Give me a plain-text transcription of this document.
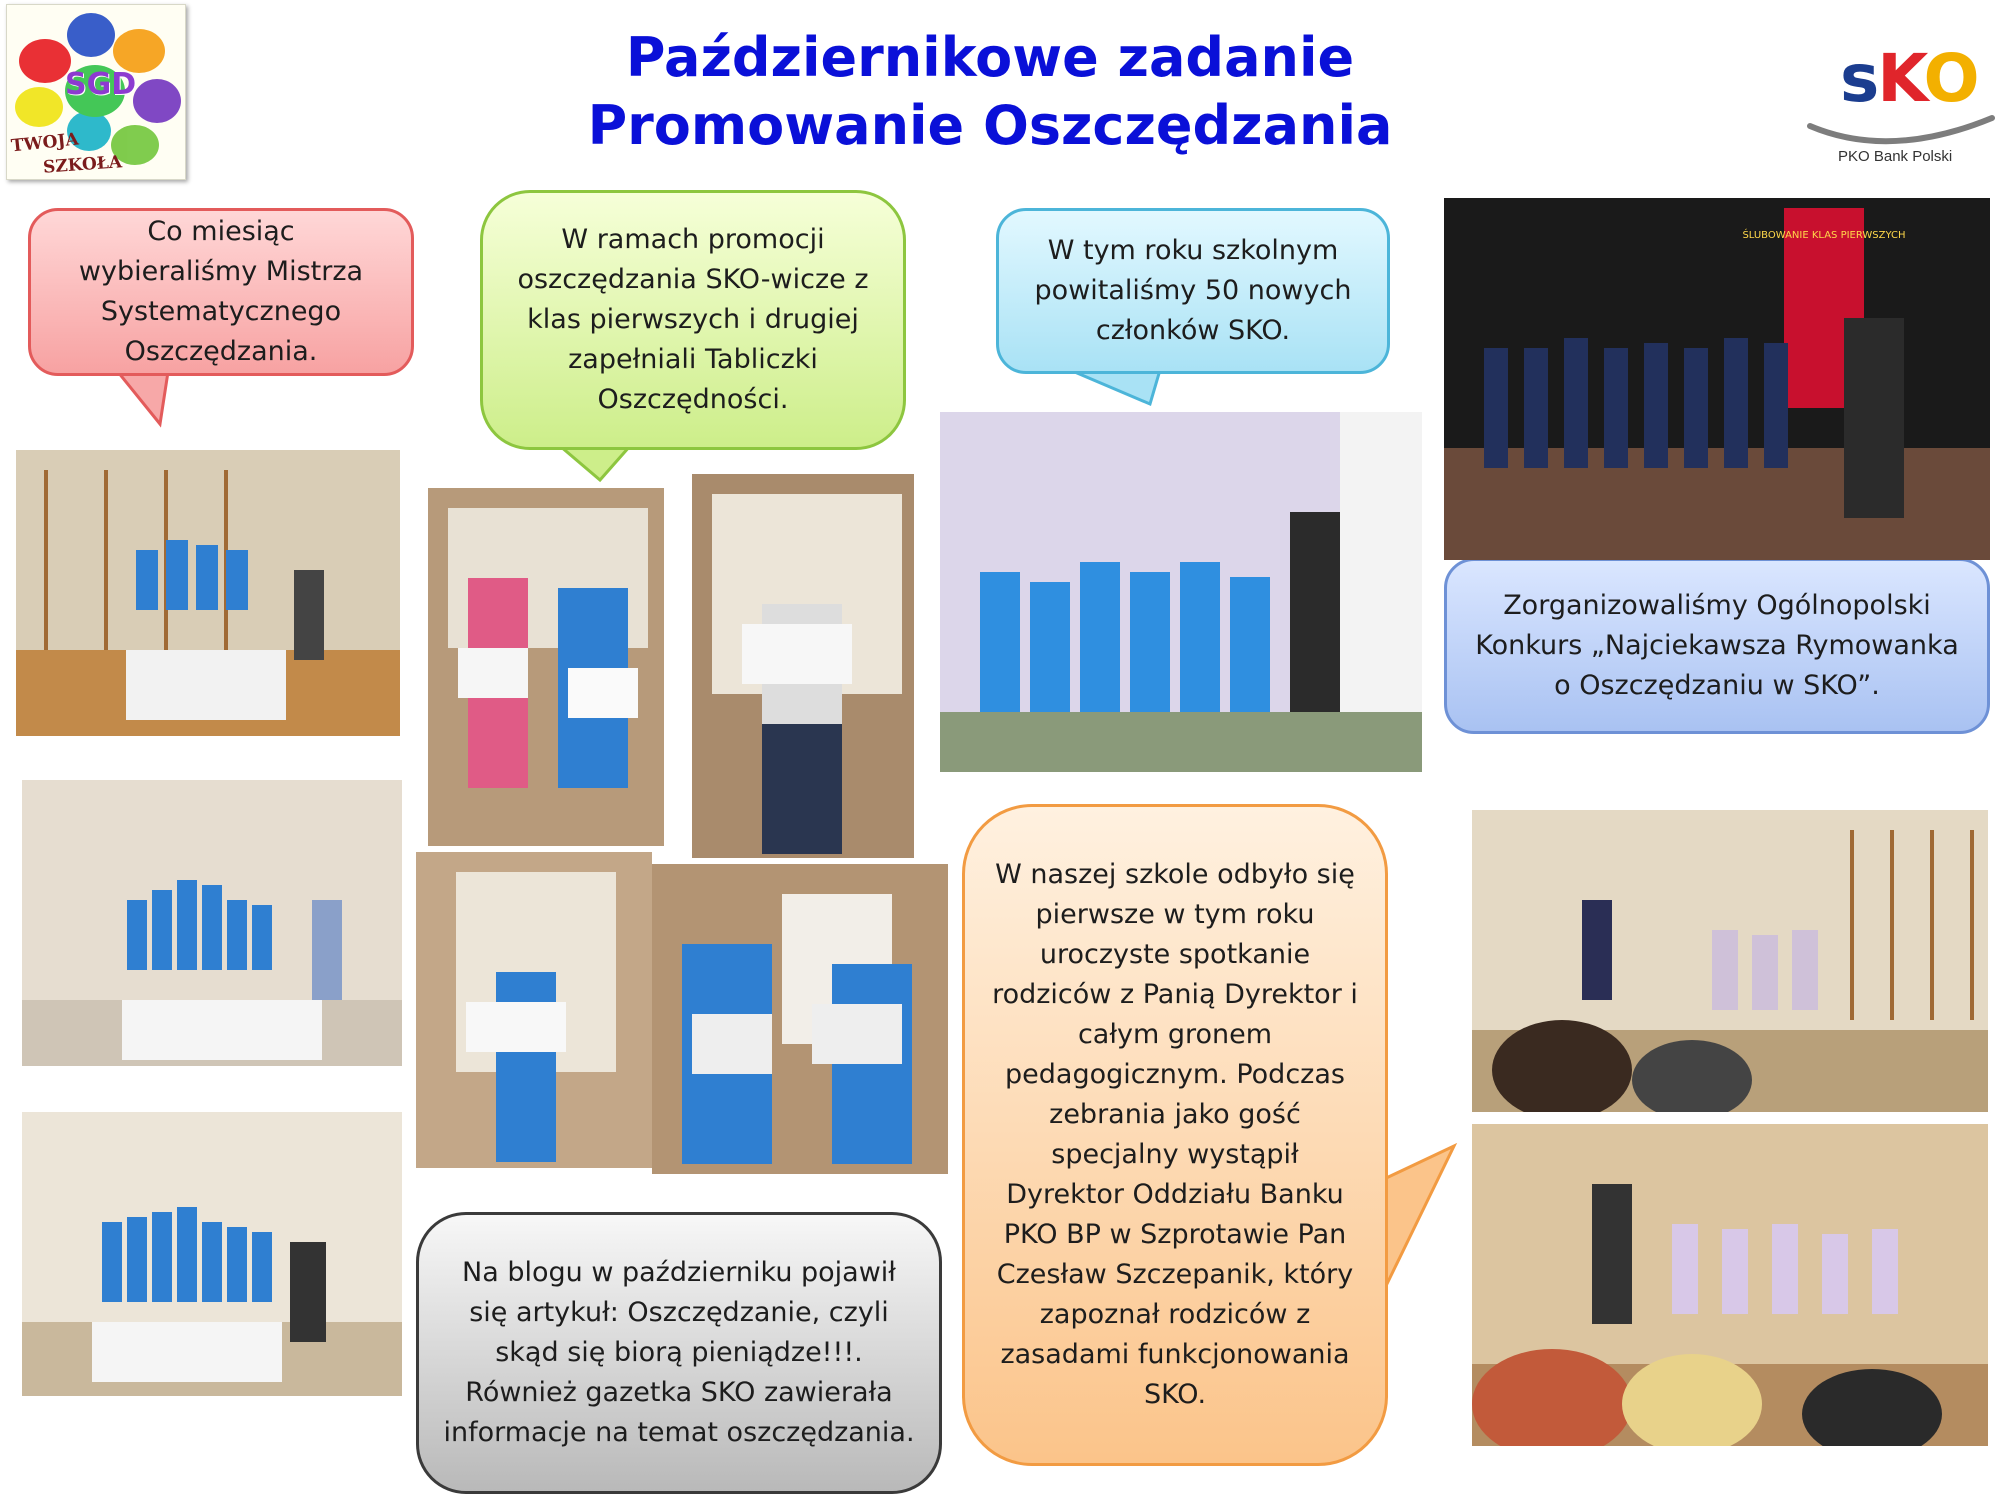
Październikowe zadanie
Promowanie Oszczędzania
SGD
TWOJA
SZKOŁA
sKO
PKO Bank Polski
Co miesiąc wybieraliśmy Mistrza Systematycznego Oszczędzania.
W ramach promocji oszczędzania SKO-wicze z klas pierwszych i drugiej zapełniali Tabliczki Oszczędności.
W tym roku szkolnym powitaliśmy 50 nowych członków SKO.
Zorganizowaliśmy Ogólnopolski Konkurs „Najciekawsza Rymowanka o Oszczędzaniu w SKO”.
W naszej szkole odbyło się pierwsze w tym roku uroczyste spotkanie rodziców z Panią Dyrektor i całym gronem pedagogicznym. Podczas zebrania jako gość specjalny wystąpił Dyrektor Oddziału Banku PKO BP w Szprotawie Pan Czesław Szczepanik, który zapoznał rodziców z zasadami funkcjonowania SKO.
Na blogu w październiku pojawił się artykuł: Oszczędzanie, czyli skąd się biorą pieniądze!!!. Również gazetka SKO zawierała informacje na temat oszczędzania.
ŚLUBOWANIE KLAS PIERWSZYCH
